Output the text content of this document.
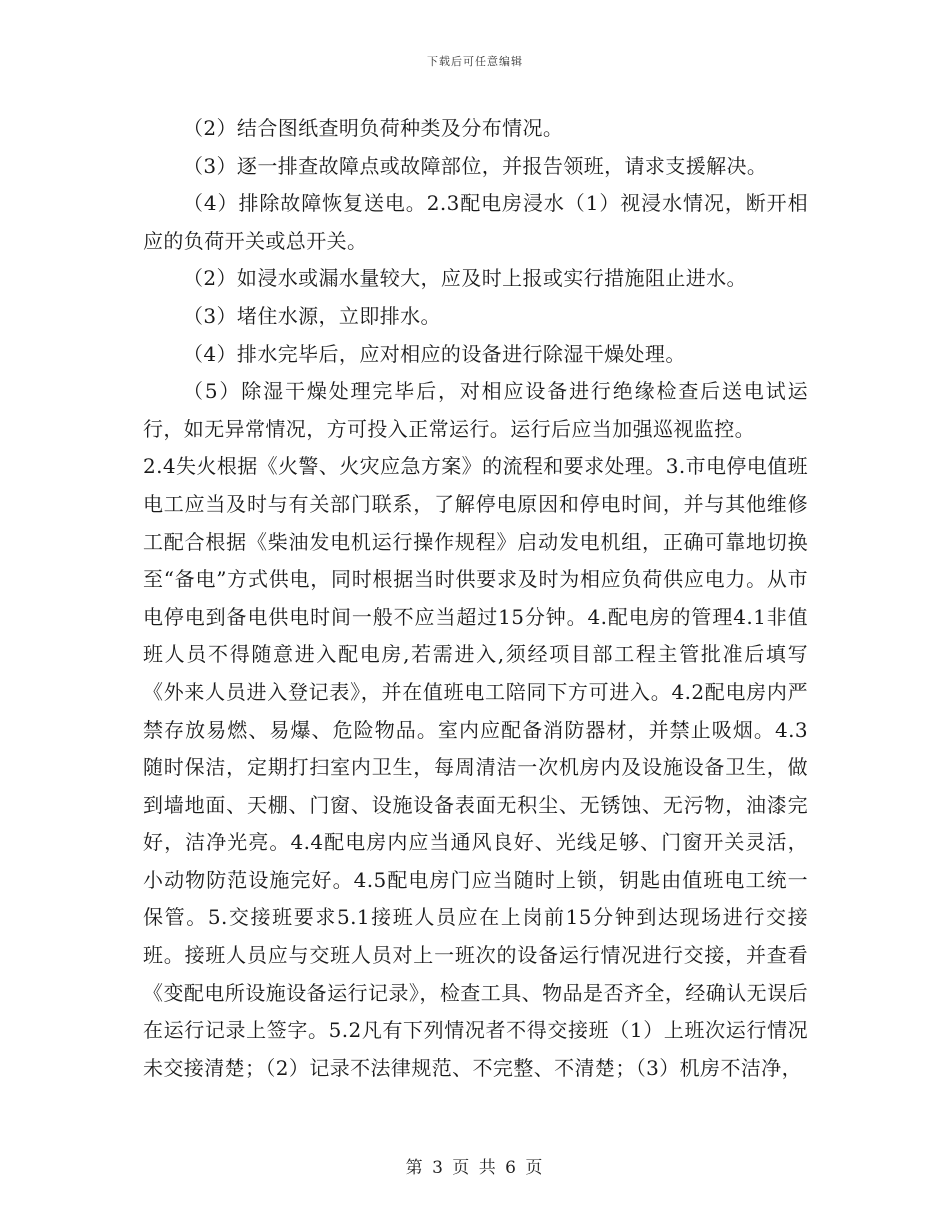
下载后可任意编辑

（2）结合图纸查明负荷种类及分布情况。

（3）逐一排查故障点或故障部位，并报告领班，请求支援解决。

（4）排除故障恢复送电。2.3配电房浸水（1）视浸水情况，断开相应的负荷开关或总开关。

（2）如浸水或漏水量较大，应及时上报或实行措施阻止进水。

（3）堵住水源，立即排水。

（4）排水完毕后，应对相应的设备进行除湿干燥处理。

（5）除湿干燥处理完毕后，对相应设备进行绝缘检查后送电试运行，如无异常情况，方可投入正常运行。运行后应当加强巡视监控。

2.4失火根据《火警、火灾应急方案》的流程和要求处理。3.市电停电值班电工应当及时与有关部门联系，了解停电原因和停电时间，并与其他维修工配合根据《柴油发电机运行操作规程》启动发电机组，正确可靠地切换至“备电”方式供电，同时根据当时供要求及时为相应负荷供应电力。从市电停电到备电供电时间一般不应当超过15分钟。4.配电房的管理4.1非值班人员不得随意进入配电房,若需进入,须经项目部工程主管批准后填写《外来人员进入登记表》，并在值班电工陪同下方可进入。4.2配电房内严禁存放易燃、易爆、危险物品。室内应配备消防器材，并禁止吸烟。4.3随时保洁，定期打扫室内卫生，每周清洁一次机房内及设施设备卫生，做到墙地面、天棚、门窗、设施设备表面无积尘、无锈蚀、无污物，油漆完好，洁净光亮。4.4配电房内应当通风良好、光线足够、门窗开关灵活，小动物防范设施完好。4.5配电房门应当随时上锁，钥匙由值班电工统一保管。5.交接班要求5.1接班人员应在上岗前15分钟到达现场进行交接班。接班人员应与交班人员对上一班次的设备运行情况进行交接，并查看《变配电所设施设备运行记录》，检查工具、物品是否齐全，经确认无误后在运行记录上签字。5.2凡有下列情况者不得交接班（1）上班次运行情况未交接清楚；（2）记录不法律规范、不完整、不清楚；（3）机房不洁净，

第 3 页 共 6 页
